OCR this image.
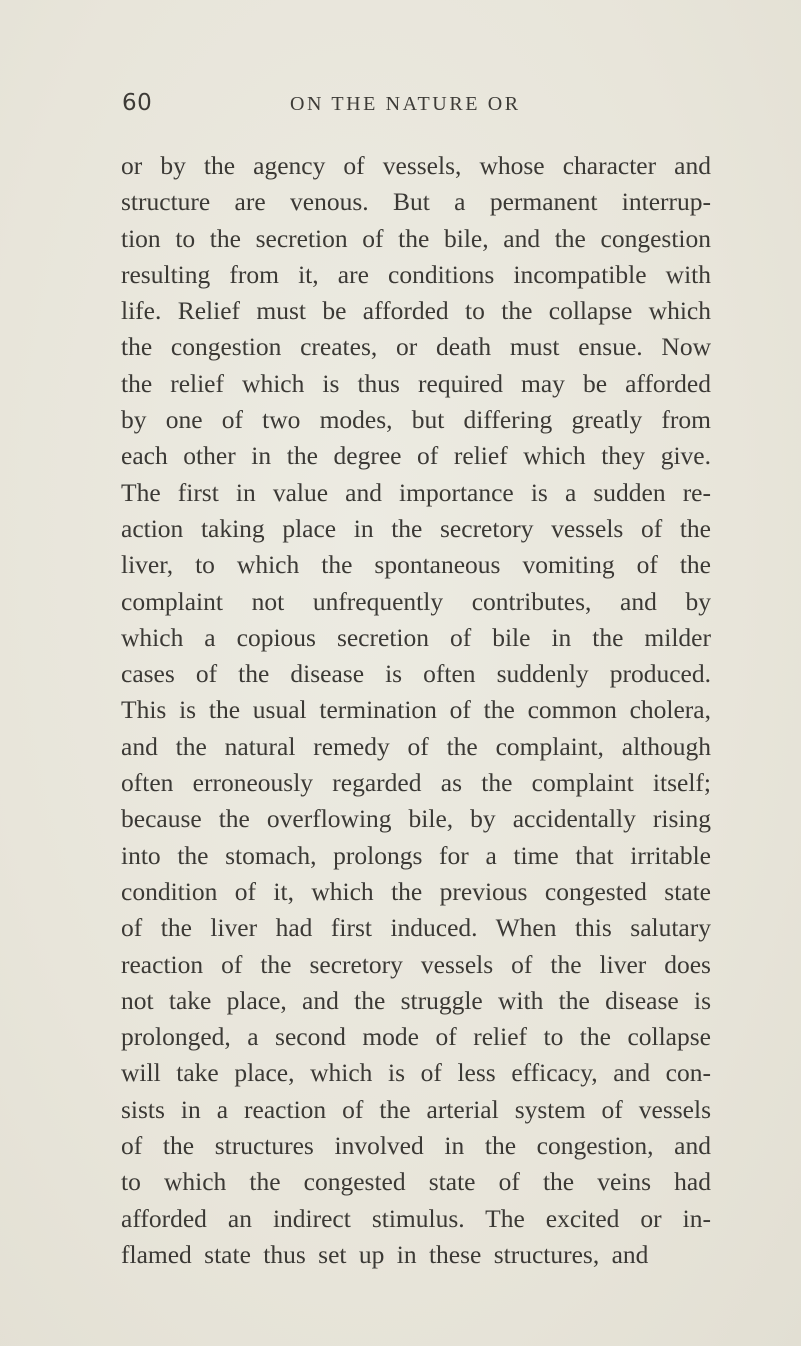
60	ON THE NATURE OR
or by the agency of vessels, whose character and
structure are venous. But a permanent interrup-
tion to the secretion of the bile, and the congestion
resulting from it, are conditions incompatible with
life. Relief must be afforded to the collapse which
the congestion creates, or death must ensue. Now
the relief which is thus required may be afforded
by one of two modes, but differing greatly from
each other in the degree of relief which they give.
The first in value and importance is a sudden re-
action taking place in the secretory vessels of the
liver, to which the spontaneous vomiting of the
complaint not unfrequently contributes, and by
which a copious secretion of bile in the milder
cases of the disease is often suddenly produced.
This is the usual termination of the common cholera,
and the natural remedy of the complaint, although
often erroneously regarded as the complaint itself;
because the overflowing bile, by accidentally rising
into the stomach, prolongs for a time that irritable
condition of it, which the previous congested state
of the liver had first induced. When this salutary
reaction of the secretory vessels of the liver does
not take place, and the struggle with the disease is
prolonged, a second mode of relief to the collapse
will take place, which is of less efficacy, and con-
sists in a reaction of the arterial system of vessels
of the structures involved in the congestion, and
to which the congested state of the veins had
afforded an indirect stimulus. The excited or in-
flamed state thus set up in these structures, and
